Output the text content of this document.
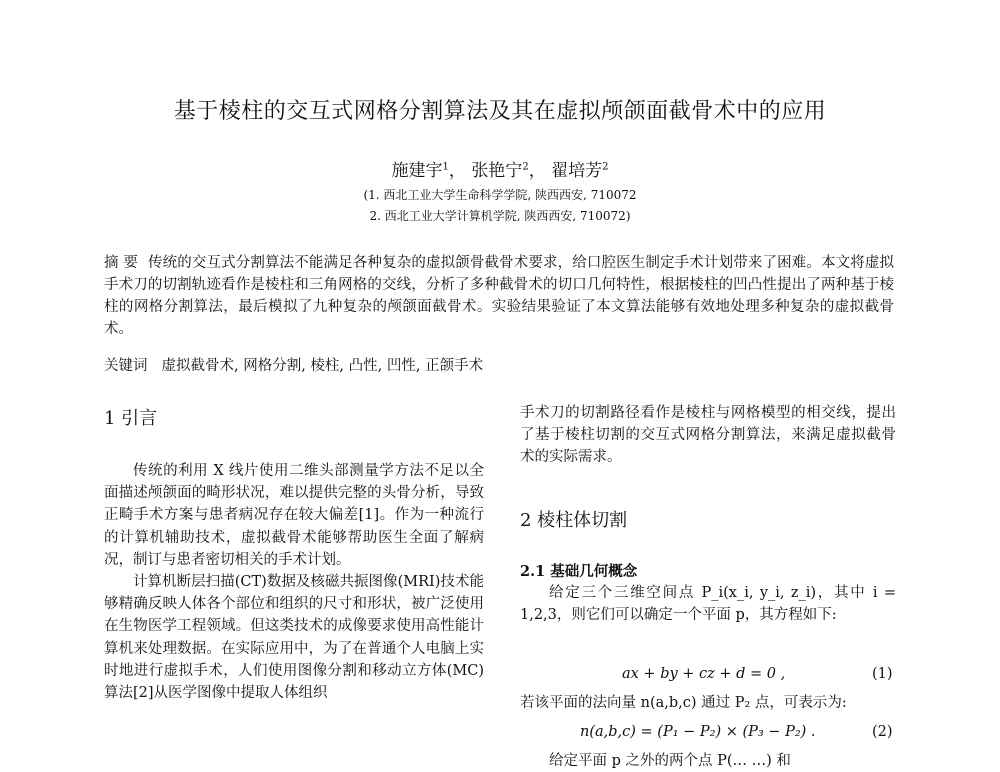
基于棱柱的交互式网格分割算法及其在虚拟颅颌面截骨术中的应用
施建宇$^1$， 张艳宁$^2$， 翟培芳$^2$
(1. 西北工业大学生命科学学院, 陕西西安, 710072
2. 西北工业大学计算机学院, 陕西西安, 710072)
摘 要 传统的交互式分割算法不能满足各种复杂的虚拟颌骨截骨术要求，给口腔医生制定手术计划带来了困难。本文将虚拟手术刀的切割轨迹看作是棱柱和三角网格的交线，分析了多种截骨术的切口几何特性，根据棱柱的凹凸性提出了两种基于棱柱的网格分割算法，最后模拟了九种复杂的颅颌面截骨术。实验结果验证了本文算法能够有效地处理多种复杂的虚拟截骨术。
关键词 虚拟截骨术, 网格分割, 棱柱, 凸性, 凹性, 正颌手术
1 引言

传统的利用 X 线片使用二维头部测量学方法不足以全面描述颅颌面的畸形状况，难以提供完整的头骨分析，导致正畸手术方案与患者病况存在较大偏差[1]。作为一种流行的计算机辅助技术，虚拟截骨术能够帮助医生全面了解病况，制订与患者密切相关的手术计划。

计算机断层扫描(CT)数据及核磁共振图像(MRI)技术能够精确反映人体各个部位和组织的尺寸和形状，被广泛使用在生物医学工程领域。但这类技术的成像要求使用高性能计算机来处理数据。在实际应用中，为了在普通个人电脑上实时地进行虚拟手术，人们使用图像分割和移动立方体(MC)算法[2]从医学图像中提取人体组织

手术刀的切割路径看作是棱柱与网格模型的相交线，提出了基于棱柱切割的交互式网格分割算法，来满足虚拟截骨术的实际需求。

2 棱柱体切割
2.1 基础几何概念

给定三个三维空间点 P_i(x_i, y_i, z_i)，其中 i = 1,2,3，则它们可以确定一个平面 p，其方程如下:

ax + by + cz + d = 0 ,	(1)

若该平面的法向量 n(a,b,c) 通过 P₂ 点，可表示为:

n(a,b,c) = (P₁ − P₂) × (P₃ − P₂) .	(2)

给定平面 p 之外的两个点 P(… …) 和
